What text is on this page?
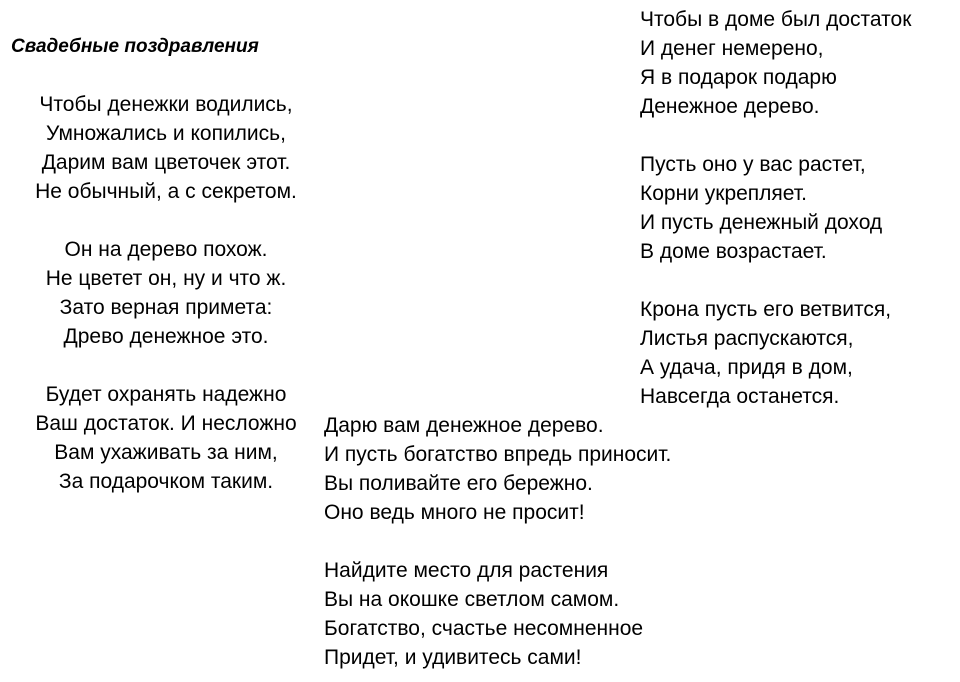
Свадебные поздравления
Чтобы денежки водились,
Умножались и копились,
Дарим вам цветочек этот.
Не обычный, а с секретом.
Он на дерево похож.
Не цветет он, ну и что ж.
Зато верная примета:
Древо денежное это.
Будет охранять надежно
Ваш достаток. И несложно
Вам ухаживать за ним,
За подарочком таким.
Чтобы в доме был достаток
И денег немерено,
Я в подарок подарю
Денежное дерево.
Пусть оно у вас растет,
Корни укрепляет.
И пусть денежный доход
В доме возрастает.
Крона пусть его ветвится,
Листья распускаются,
А удача, придя в дом,
Навсегда останется.
Дарю вам денежное дерево.
И пусть богатство впредь приносит.
Вы поливайте его бережно.
Оно ведь много не просит!
Найдите место для растения
Вы на окошке светлом самом.
Богатство, счастье несомненное
Придет, и удивитесь сами!
